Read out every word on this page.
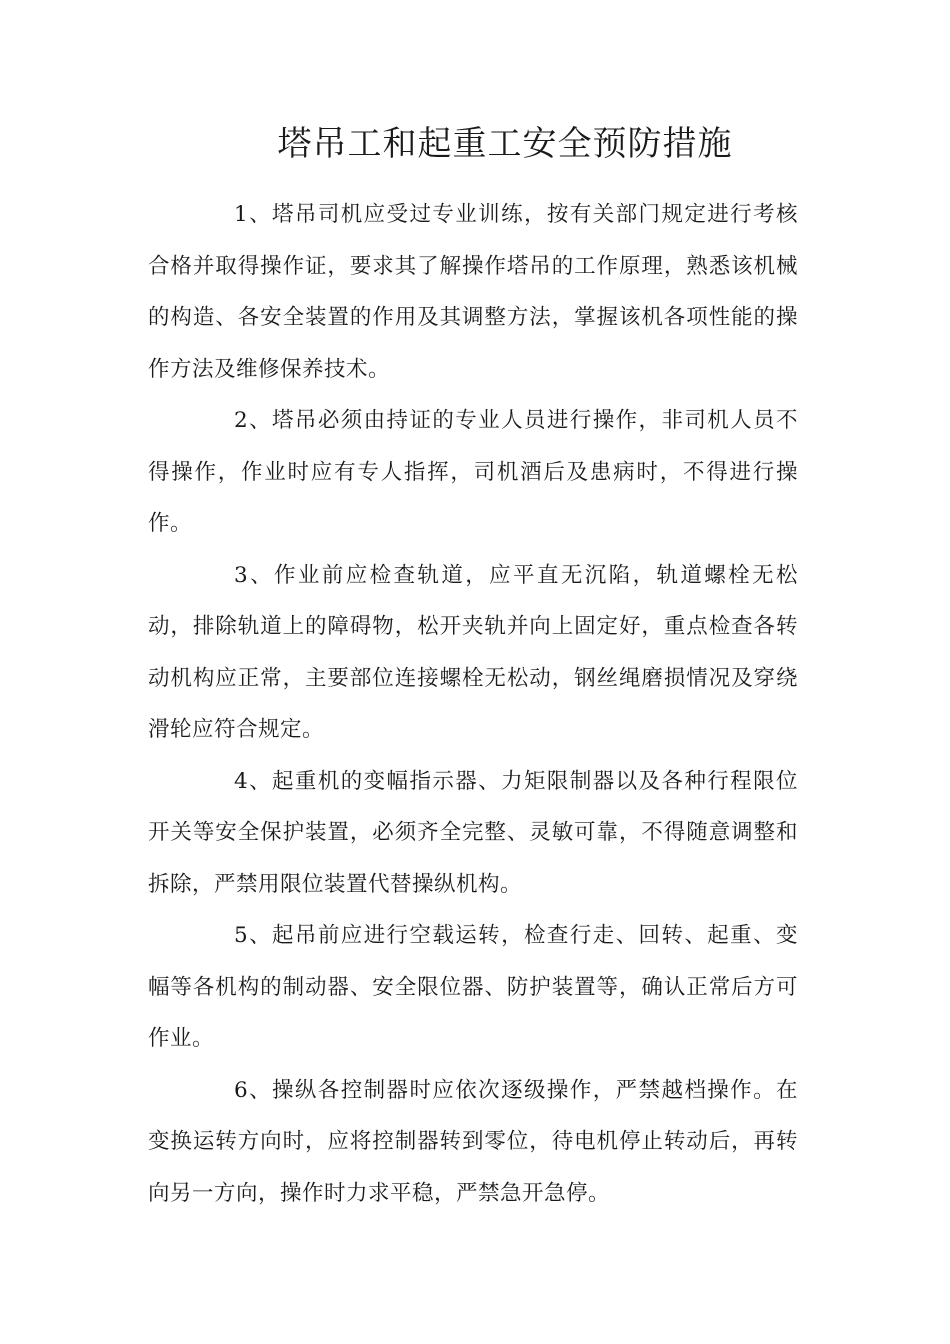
塔吊工和起重工安全预防措施

1、塔吊司机应受过专业训练，按有关部门规定进行考核合格并取得操作证，要求其了解操作塔吊的工作原理，熟悉该机械的构造、各安全装置的作用及其调整方法，掌握该机各项性能的操作方法及维修保养技术。

2、塔吊必须由持证的专业人员进行操作，非司机人员不得操作，作业时应有专人指挥，司机酒后及患病时，不得进行操作。

3、作业前应检查轨道，应平直无沉陷，轨道螺栓无松动，排除轨道上的障碍物，松开夹轨并向上固定好，重点检查各转动机构应正常，主要部位连接螺栓无松动，钢丝绳磨损情况及穿绕滑轮应符合规定。

4、起重机的变幅指示器、力矩限制器以及各种行程限位开关等安全保护装置，必须齐全完整、灵敏可靠，不得随意调整和拆除，严禁用限位装置代替操纵机构。

5、起吊前应进行空载运转，检查行走、回转、起重、变幅等各机构的制动器、安全限位器、防护装置等，确认正常后方可作业。

6、操纵各控制器时应依次逐级操作，严禁越档操作。在变换运转方向时，应将控制器转到零位，待电机停止转动后，再转向另一方向，操作时力求平稳，严禁急开急停。
